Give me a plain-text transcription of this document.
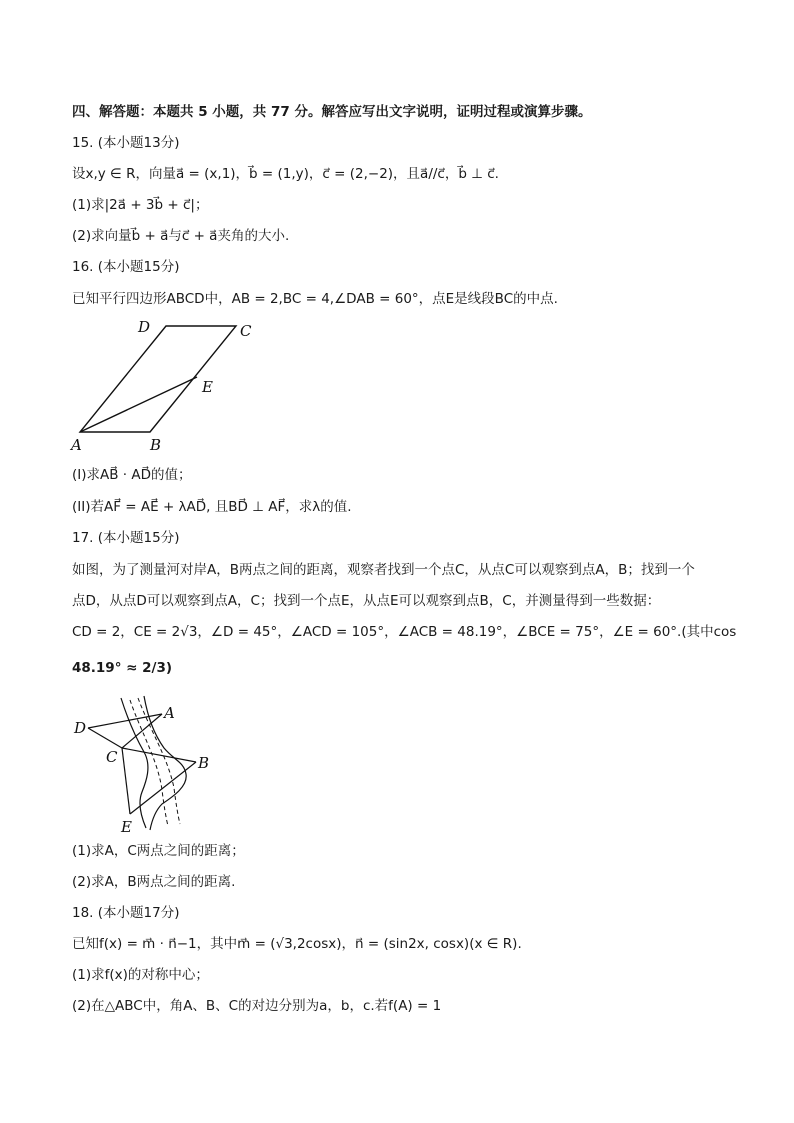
四、解答题：本题共 5 小题，共 77 分。解答应写出文字说明，证明过程或演算步骤。
15. (本小题13分)
设x,y ∈ R，向量a⃗ = (x,1)，b⃗ = (1,y)，c⃗ = (2,−2)，且a⃗//c⃗，b⃗ ⊥ c⃗.
(1)求|2a⃗ + 3b⃗ + c⃗|；
(2)求向量b⃗ + a⃗与c⃗ + a⃗夹角的大小.
16. (本小题15分)
已知平行四边形ABCD中，AB = 2,BC = 4,∠DAB = 60°，点E是线段BC的中点.
D	C
E
A	B
(I)求AB⃗ · AD⃗的值；
(II)若AF⃗ = AE⃗ + λAD⃗, 且BD⃗ ⊥ AF⃗，求λ的值.
17. (本小题15分)
如图，为了测量河对岸A，B两点之间的距离，观察者找到一个点C，从点C可以观察到点A，B；找到一个
点D，从点D可以观察到点A，C；找到一个点E，从点E可以观察到点B，C，并测量得到一些数据：
CD = 2，CE = 2√3，∠D = 45°，∠ACD = 105°，∠ACB = 48.19°，∠BCE = 75°，∠E = 60°.(其中cos
48.19° ≈ 2/3)
A
D
C	B
E
(1)求A，C两点之间的距离；
(2)求A，B两点之间的距离.
18. (本小题17分)
已知f(x) = m⃗ · n⃗−1，其中m⃗ = (√3,2cosx)，n⃗ = (sin2x, cosx)(x ∈ R).
(1)求f(x)的对称中心；
(2)在△ABC中，角A、B、C的对边分别为a，b，c.若f(A) = 1
